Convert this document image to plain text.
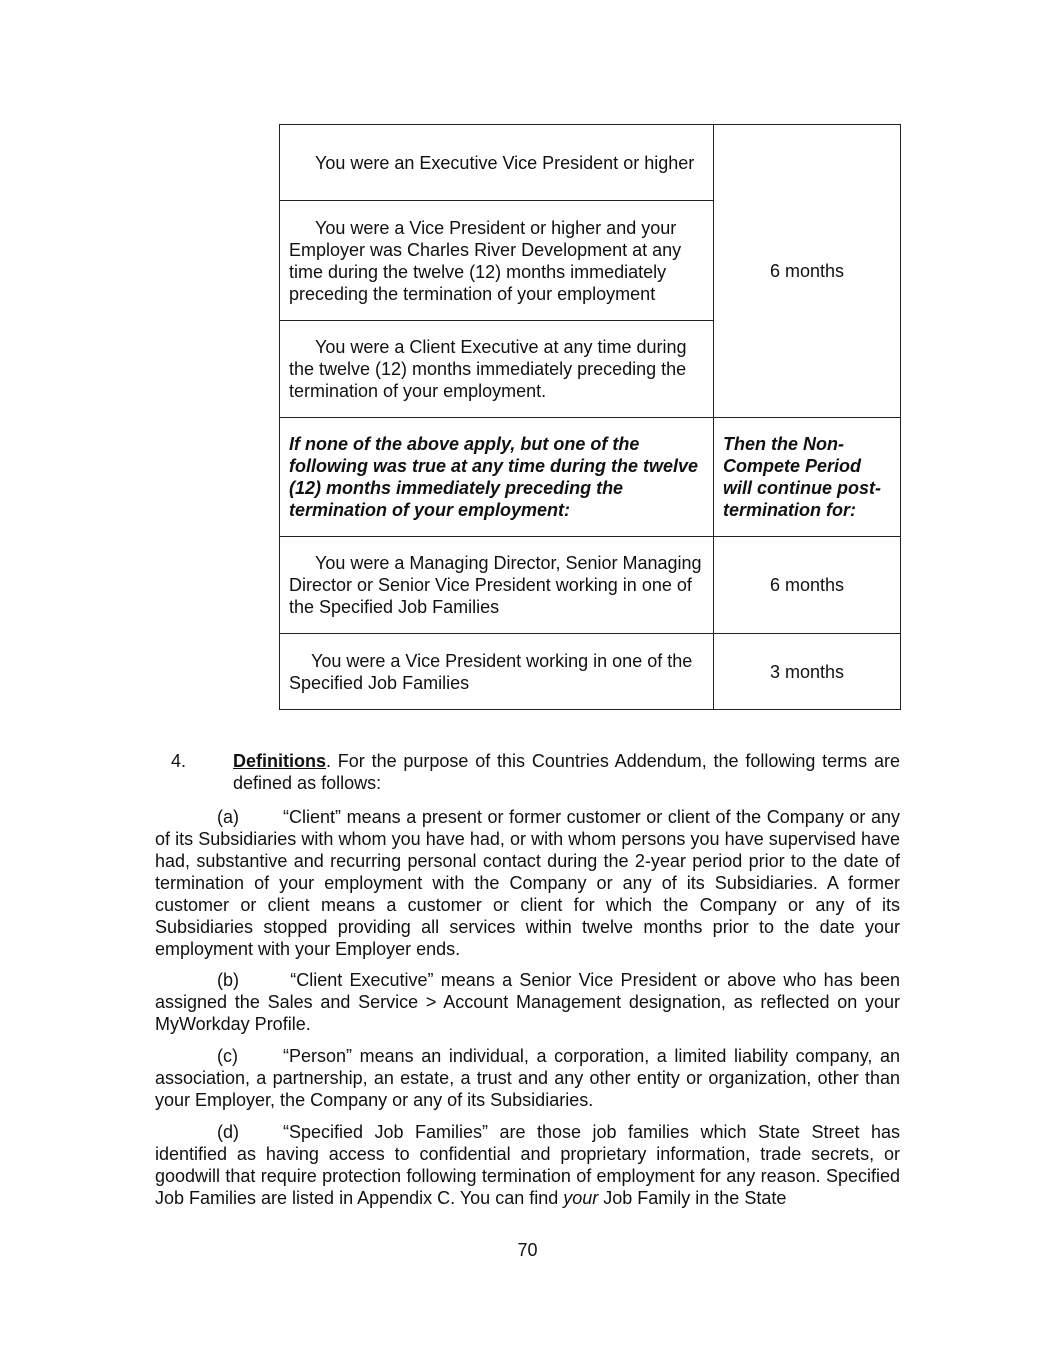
You were an Executive Vice President or higher	6 months
You were a Vice President or higher and your Employer was Charles River Development at any time during the twelve (12) months immediately preceding the termination of your employment	
You were a Client Executive at any time during the twelve (12) months immediately preceding the termination of your employment.	
If none of the above apply, but one of the following was true at any time during the twelve (12) months immediately preceding the termination of your employment:	Then the Non-Compete Period will continue post-termination for:
You were a Managing Director, Senior Managing Director or Senior Vice President working in one of the Specified Job Families	6 months
You were a Vice President working in one of the Specified Job Families	3 months
4.	Definitions. For the purpose of this Countries Addendum, the following terms are defined as follows:
(a) “Client” means a present or former customer or client of the Company or any of its Subsidiaries with whom you have had, or with whom persons you have supervised have had, substantive and recurring personal contact during the 2-year period prior to the date of termination of your employment with the Company or any of its Subsidiaries. A former customer or client means a customer or client for which the Company or any of its Subsidiaries stopped providing all services within twelve months prior to the date your employment with your Employer ends.
(b) “Client Executive” means a Senior Vice President or above who has been assigned the Sales and Service > Account Management designation, as reflected on your MyWorkday Profile.
(c)	“Person” means an individual, a corporation, a limited liability company, an association, a partnership, an estate, a trust and any other entity or organization, other than your Employer, the Company or any of its Subsidiaries.
(d) “Specified Job Families” are those job families which State Street has identified as having access to confidential and proprietary information, trade secrets, or goodwill that require protection following termination of employment for any reason. Specified Job Families are listed in Appendix C. You can find your Job Family in the State
70
